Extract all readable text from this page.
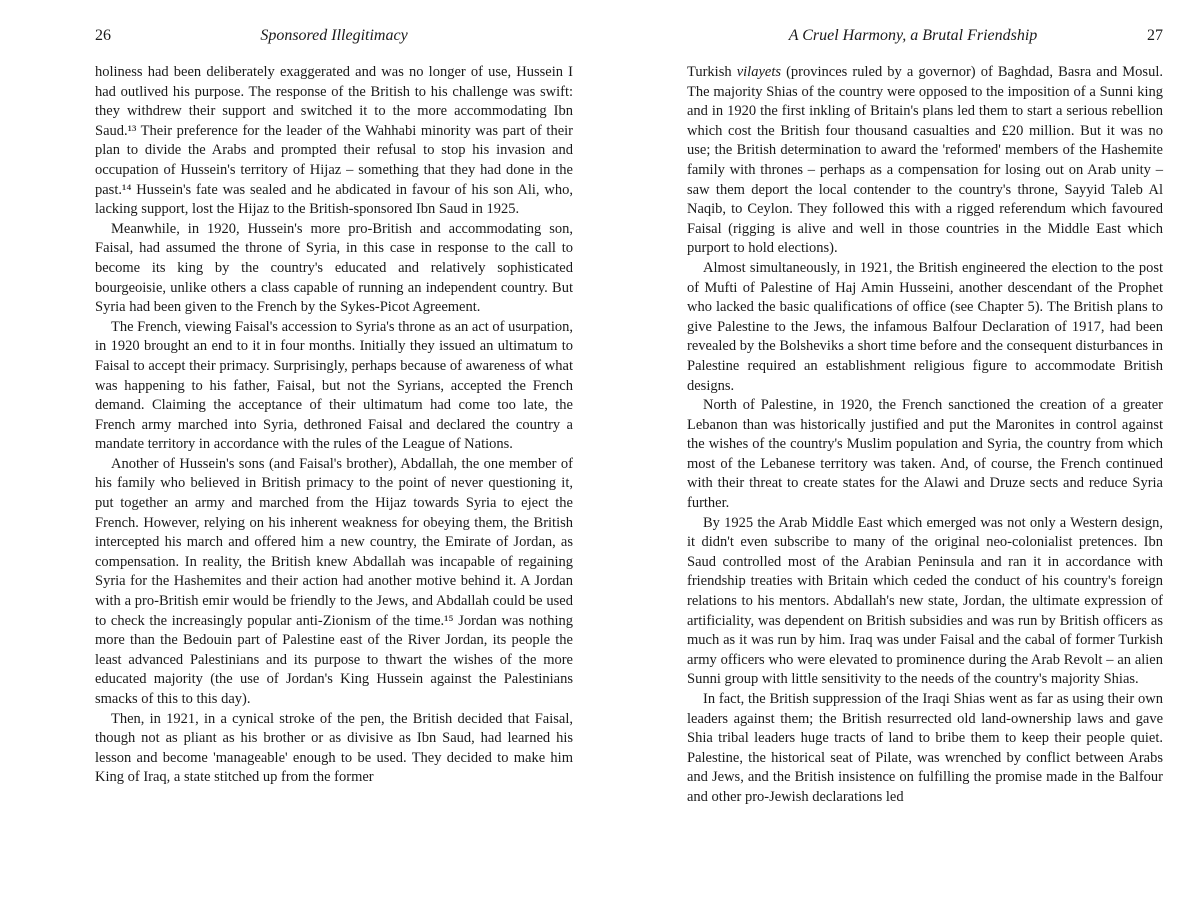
26	Sponsored Illegitimacy

holiness had been deliberately exaggerated and was no longer of use, Hussein I had outlived his purpose. The response of the British to his challenge was swift: they withdrew their support and switched it to the more accommodating Ibn Saud.¹³ Their preference for the leader of the Wahhabi minority was part of their plan to divide the Arabs and prompted their refusal to stop his invasion and occupation of Hussein's territory of Hijaz – something that they had done in the past.¹⁴ Hussein's fate was sealed and he abdicated in favour of his son Ali, who, lacking support, lost the Hijaz to the British-sponsored Ibn Saud in 1925.

Meanwhile, in 1920, Hussein's more pro-British and accommodating son, Faisal, had assumed the throne of Syria, in this case in response to the call to become its king by the country's educated and relatively sophisticated bourgeoisie, unlike others a class capable of running an independent country. But Syria had been given to the French by the Sykes-Picot Agreement.

The French, viewing Faisal's accession to Syria's throne as an act of usurpation, in 1920 brought an end to it in four months. Initially they issued an ultimatum to Faisal to accept their primacy. Surprisingly, perhaps because of awareness of what was happening to his father, Faisal, but not the Syrians, accepted the French demand. Claiming the acceptance of their ultimatum had come too late, the French army marched into Syria, dethroned Faisal and declared the country a mandate territory in accordance with the rules of the League of Nations.

Another of Hussein's sons (and Faisal's brother), Abdallah, the one member of his family who believed in British primacy to the point of never questioning it, put together an army and marched from the Hijaz towards Syria to eject the French. However, relying on his inherent weakness for obeying them, the British intercepted his march and offered him a new country, the Emirate of Jordan, as compensation. In reality, the British knew Abdallah was incapable of regaining Syria for the Hashemites and their action had another motive behind it. A Jordan with a pro-British emir would be friendly to the Jews, and Abdallah could be used to check the increasingly popular anti-Zionism of the time.¹⁵ Jordan was nothing more than the Bedouin part of Palestine east of the River Jordan, its people the least advanced Palestinians and its purpose to thwart the wishes of the more educated majority (the use of Jordan's King Hussein against the Palestinians smacks of this to this day).

Then, in 1921, in a cynical stroke of the pen, the British decided that Faisal, though not as pliant as his brother or as divisive as Ibn Saud, had learned his lesson and become 'manageable' enough to be used. They decided to make him King of Iraq, a state stitched up from the former

A Cruel Harmony, a Brutal Friendship	27

Turkish vilayets (provinces ruled by a governor) of Baghdad, Basra and Mosul. The majority Shias of the country were opposed to the imposition of a Sunni king and in 1920 the first inkling of Britain's plans led them to start a serious rebellion which cost the British four thousand casualties and £20 million. But it was no use; the British determination to award the 'reformed' members of the Hashemite family with thrones – perhaps as a compensation for losing out on Arab unity – saw them deport the local contender to the country's throne, Sayyid Taleb Al Naqib, to Ceylon. They followed this with a rigged referendum which favoured Faisal (rigging is alive and well in those countries in the Middle East which purport to hold elections).

Almost simultaneously, in 1921, the British engineered the election to the post of Mufti of Palestine of Haj Amin Husseini, another descendant of the Prophet who lacked the basic qualifications of office (see Chapter 5). The British plans to give Palestine to the Jews, the infamous Balfour Declaration of 1917, had been revealed by the Bolsheviks a short time before and the consequent disturbances in Palestine required an establishment religious figure to accommodate British designs.

North of Palestine, in 1920, the French sanctioned the creation of a greater Lebanon than was historically justified and put the Maronites in control against the wishes of the country's Muslim population and Syria, the country from which most of the Lebanese territory was taken. And, of course, the French continued with their threat to create states for the Alawi and Druze sects and reduce Syria further.

By 1925 the Arab Middle East which emerged was not only a Western design, it didn't even subscribe to many of the original neo-colonialist pretences. Ibn Saud controlled most of the Arabian Peninsula and ran it in accordance with friendship treaties with Britain which ceded the conduct of his country's foreign relations to his mentors. Abdallah's new state, Jordan, the ultimate expression of artificiality, was dependent on British subsidies and was run by British officers as much as it was run by him. Iraq was under Faisal and the cabal of former Turkish army officers who were elevated to prominence during the Arab Revolt – an alien Sunni group with little sensitivity to the needs of the country's majority Shias.

In fact, the British suppression of the Iraqi Shias went as far as using their own leaders against them; the British resurrected old land-ownership laws and gave Shia tribal leaders huge tracts of land to bribe them to keep their people quiet. Palestine, the historical seat of Pilate, was wrenched by conflict between Arabs and Jews, and the British insistence on fulfilling the promise made in the Balfour and other pro-Jewish declarations led
